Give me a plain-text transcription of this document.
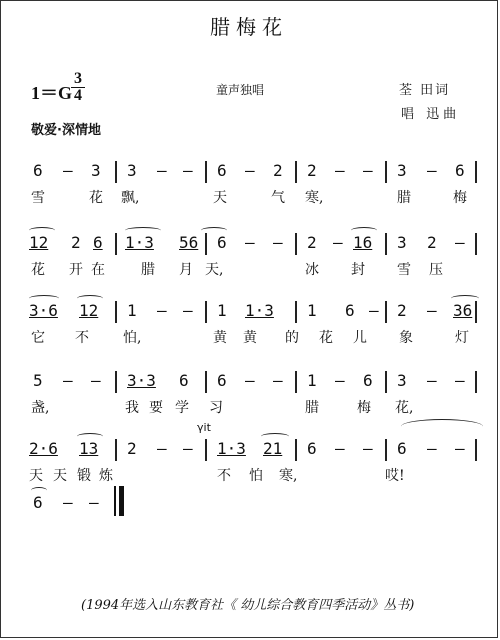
腊梅花
1＝G
3
4	童声独唱	荃 田词
唱 迅曲
敬爱·深情地
6 – 3 3 – – 6 – 2 2 – – 3 – 6
雪	花 飘,	天	气 寒,	腊	梅
12 2 6 1·3 56 6 – – 2 – 16 3 2 –
花 开 在	腊 月 天,	冰 封 雪 压
3·6 12 1 – – 1 1·3 1 6 – 2 – 36
它 不 怕,	黄 黄 的 花 儿 象	灯
5 – – 3·3 6 6 – – 1 – 6 3 – –
盏,	我 要 学 习	腊	梅 花,
γit
2·6 13 2 – – 1·3 21 6 – – 6 – –
天 天 锻 炼	不 怕 寒,	哎!
6 – –
(1994年选入山东教育社《 幼儿综合教育四季活动》丛书)
